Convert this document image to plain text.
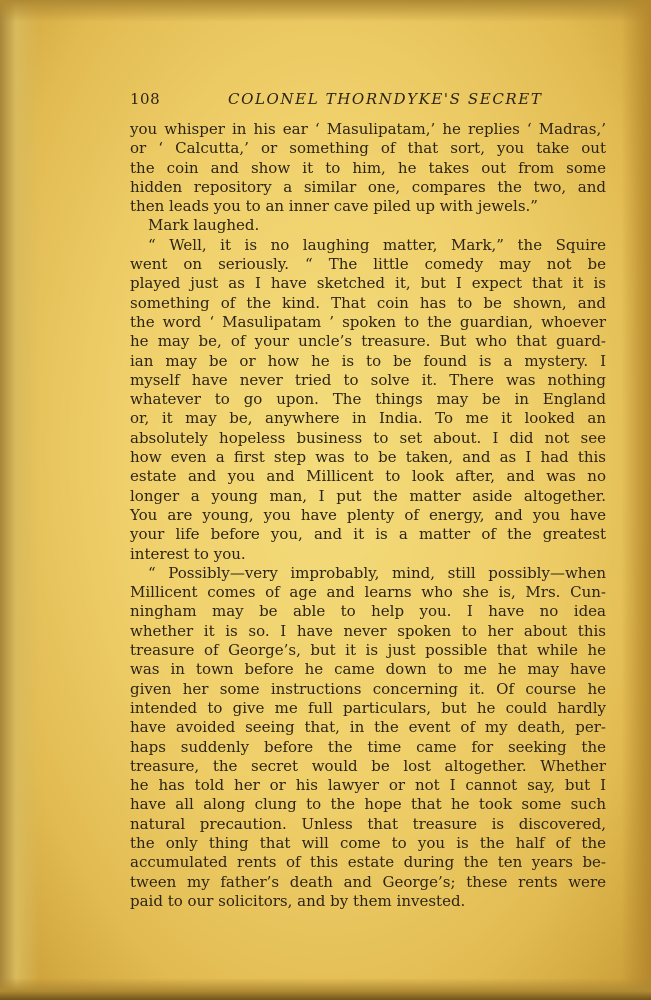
108	COLONEL THORNDYKE'S SECRET
you whisper in his ear ‘ Masulipatam,’ he replies ‘ Madras,’
or ‘ Calcutta,’ or something of that sort, you take out
the coin and show it to him, he takes out from some
hidden repository a similar one, compares the two, and
then leads you to an inner cave piled up with jewels.”
Mark laughed.
“ Well, it is no laughing matter, Mark,” the Squire
went on seriously. “ The little comedy may not be
played just as I have sketched it, but I expect that it is
something of the kind. That coin has to be shown, and
the word ‘ Masulipatam ’ spoken to the guardian, whoever
he may be, of your uncle’s treasure. But who that guard-
ian may be or how he is to be found is a mystery. I
myself have never tried to solve it. There was nothing
whatever to go upon. The things may be in England
or, it may be, anywhere in India. To me it looked an
absolutely hopeless business to set about. I did not see
how even a first step was to be taken, and as I had this
estate and you and Millicent to look after, and was no
longer a young man, I put the matter aside altogether.
You are young, you have plenty of energy, and you have
your life before you, and it is a matter of the greatest
interest to you.
“ Possibly—very improbably, mind, still possibly—when
Millicent comes of age and learns who she is, Mrs. Cun-
ningham may be able to help you. I have no idea
whether it is so. I have never spoken to her about this
treasure of George’s, but it is just possible that while he
was in town before he came down to me he may have
given her some instructions concerning it. Of course he
intended to give me full particulars, but he could hardly
have avoided seeing that, in the event of my death, per-
haps suddenly before the time came for seeking the
treasure, the secret would be lost altogether. Whether
he has told her or his lawyer or not I cannot say, but I
have all along clung to the hope that he took some such
natural precaution. Unless that treasure is discovered,
the only thing that will come to you is the half of the
accumulated rents of this estate during the ten years be-
tween my father’s death and George’s; these rents were
paid to our solicitors, and by them invested.
